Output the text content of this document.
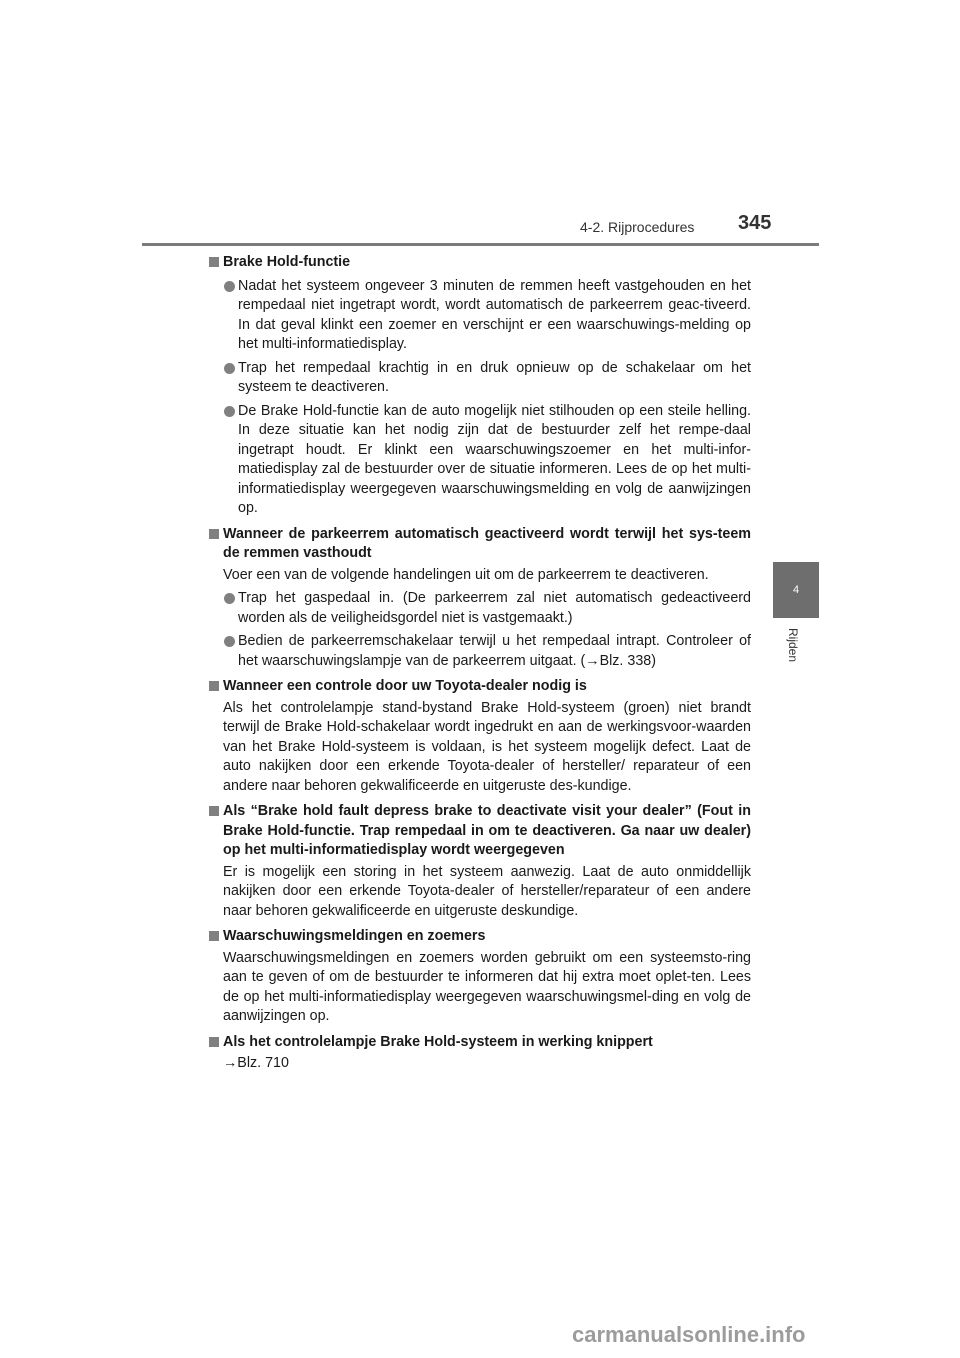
4-2. Rijprocedures 345
4
Rijden
Brake Hold-functie
Nadat het systeem ongeveer 3 minuten de remmen heeft vastgehouden en het rempedaal niet ingetrapt wordt, wordt automatisch de parkeerrem geac-tiveerd. In dat geval klinkt een zoemer en verschijnt er een waarschuwings-melding op het multi-informatiedisplay.
Trap het rempedaal krachtig in en druk opnieuw op de schakelaar om het systeem te deactiveren.
De Brake Hold-functie kan de auto mogelijk niet stilhouden op een steile helling. In deze situatie kan het nodig zijn dat de bestuurder zelf het rempe-daal ingetrapt houdt. Er klinkt een waarschuwingszoemer en het multi-infor-matiedisplay zal de bestuurder over de situatie informeren. Lees de op het multi-informatiedisplay weergegeven waarschuwingsmelding en volg de aanwijzingen op.
Wanneer de parkeerrem automatisch geactiveerd wordt terwijl het sys-teem de remmen vasthoudt
Voer een van de volgende handelingen uit om de parkeerrem te deactiveren.
Trap het gaspedaal in. (De parkeerrem zal niet automatisch gedeactiveerd worden als de veiligheidsgordel niet is vastgemaakt.)
Bedien de parkeerremschakelaar terwijl u het rempedaal intrapt. Controleer of het waarschuwingslampje van de parkeerrem uitgaat. (→Blz. 338)
Wanneer een controle door uw Toyota-dealer nodig is
Als het controlelampje stand-bystand Brake Hold-systeem (groen) niet brandt terwijl de Brake Hold-schakelaar wordt ingedrukt en aan de werkingsvoor-waarden van het Brake Hold-systeem is voldaan, is het systeem mogelijk defect. Laat de auto nakijken door een erkende Toyota-dealer of hersteller/ reparateur of een andere naar behoren gekwalificeerde en uitgeruste des-kundige.
Als “Brake hold fault depress brake to deactivate visit your dealer” (Fout in Brake Hold-functie. Trap rempedaal in om te deactiveren. Ga naar uw dealer) op het multi-informatiedisplay wordt weergegeven
Er is mogelijk een storing in het systeem aanwezig. Laat de auto onmiddellijk nakijken door een erkende Toyota-dealer of hersteller/reparateur of een andere naar behoren gekwalificeerde en uitgeruste deskundige.
Waarschuwingsmeldingen en zoemers
Waarschuwingsmeldingen en zoemers worden gebruikt om een systeemsto-ring aan te geven of om de bestuurder te informeren dat hij extra moet oplet-ten. Lees de op het multi-informatiedisplay weergegeven waarschuwingsmel-ding en volg de aanwijzingen op.
Als het controlelampje Brake Hold-systeem in werking knippert
→Blz. 710
carmanualsonline.info
